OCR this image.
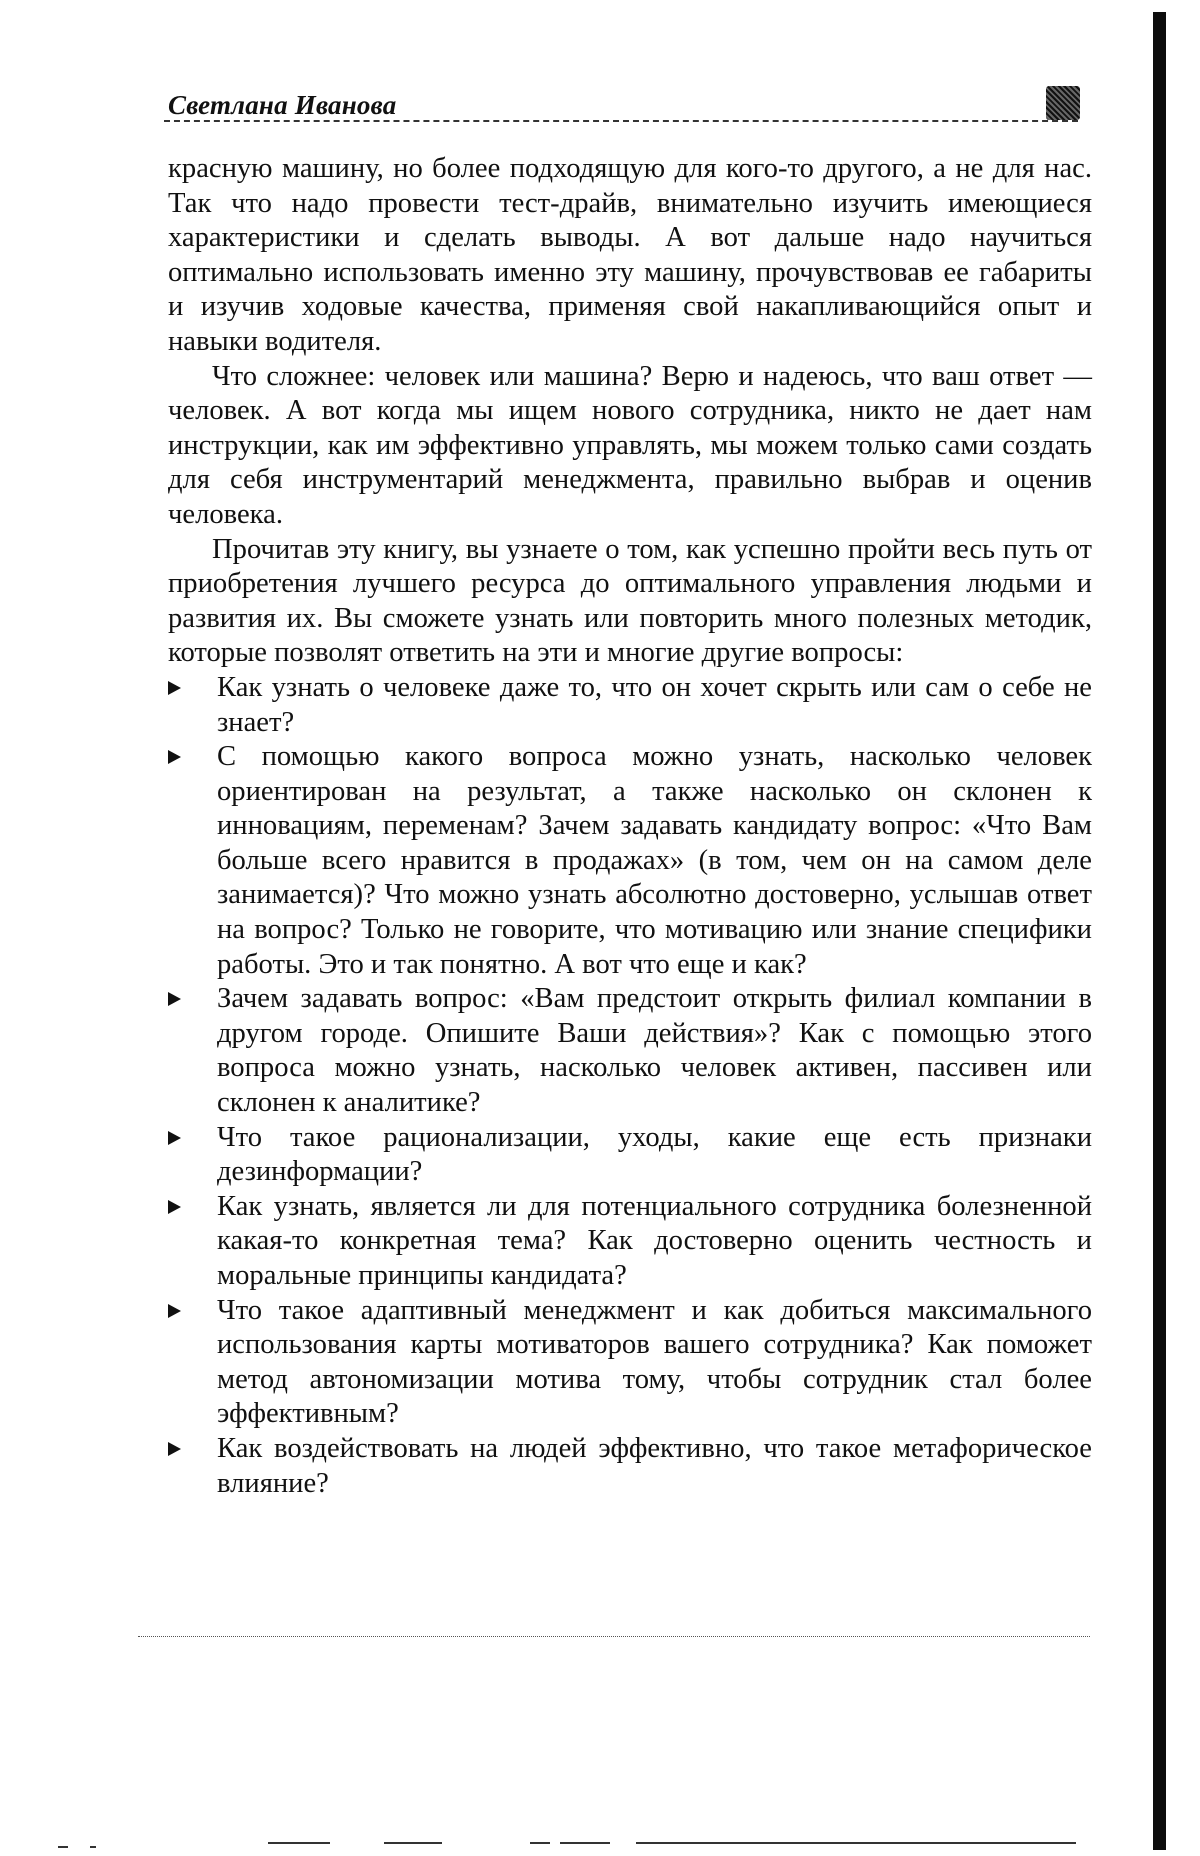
Светлана Иванова

красную машину, но более подходящую для кого-то другого, а не для нас. Так что надо провести тест-драйв, внимательно изучить имеющиеся характеристики и сделать выводы. А вот дальше надо научиться оптимально использовать именно эту машину, прочувствовав ее габариты и изучив ходовые качества, применяя свой накапливающийся опыт и навыки водителя.

Что сложнее: человек или машина? Верю и надеюсь, что ваш ответ — человек. А вот когда мы ищем нового сотрудника, никто не дает нам инструкции, как им эффективно управлять, мы можем только сами создать для себя инструментарий менеджмента, правильно выбрав и оценив человека.

Прочитав эту книгу, вы узнаете о том, как успешно пройти весь путь от приобретения лучшего ресурса до оптимального управления людьми и развития их. Вы сможете узнать или повторить много полезных методик, которые позволят ответить на эти и многие другие вопросы:

Как узнать о человеке даже то, что он хочет скрыть или сам о себе не знает?
С помощью какого вопроса можно узнать, насколько человек ориентирован на результат, а также насколько он склонен к инновациям, переменам? Зачем задавать кандидату вопрос: «Что Вам больше всего нравится в продажах» (в том, чем он на самом деле занимается)? Что можно узнать абсолютно достоверно, услышав ответ на вопрос? Только не говорите, что мотивацию или знание специфики работы. Это и так понятно. А вот что еще и как?
Зачем задавать вопрос: «Вам предстоит открыть филиал компании в другом городе. Опишите Ваши действия»? Как с помощью этого вопроса можно узнать, насколько человек активен, пассивен или склонен к аналитике?
Что такое рационализации, уходы, какие еще есть признаки дезинформации?
Как узнать, является ли для потенциального сотрудника болезненной какая-то конкретная тема? Как достоверно оценить честность и моральные принципы кандидата?
Что такое адаптивный менеджмент и как добиться максимального использования карты мотиваторов вашего сотрудника? Как поможет метод автономизации мотива тому, чтобы сотрудник стал более эффективным?
Как воздействовать на людей эффективно, что такое метафорическое влияние?
